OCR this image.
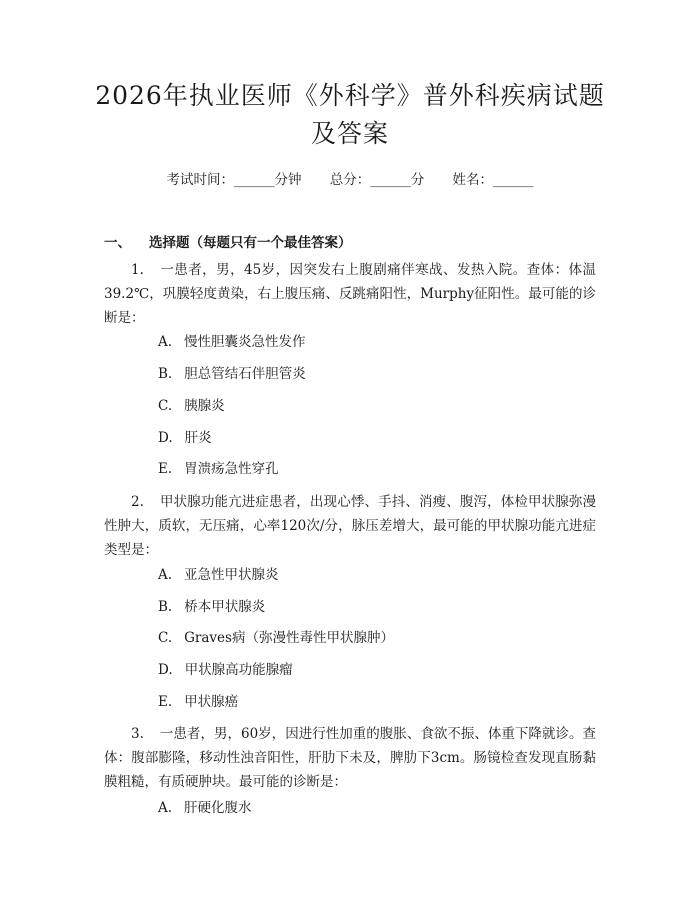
2026年执业医师《外科学》普外科疾病试题
及答案
考试时间：______分钟 总分：______分 姓名：______
一、 选择题（每题只有一个最佳答案）
1. 一患者，男，45岁，因突发右上腹剧痛伴寒战、发热入院。查体：体温39.2℃，巩膜轻度黄染，右上腹压痛、反跳痛阳性，Murphy征阳性。最可能的诊断是：
A. 慢性胆囊炎急性发作
B. 胆总管结石伴胆管炎
C. 胰腺炎
D. 肝炎
E. 胃溃疡急性穿孔
2. 甲状腺功能亢进症患者，出现心悸、手抖、消瘦、腹泻，体检甲状腺弥漫性肿大，质软，无压痛，心率120次/分，脉压差增大，最可能的甲状腺功能亢进症类型是：
A. 亚急性甲状腺炎
B. 桥本甲状腺炎
C. Graves病（弥漫性毒性甲状腺肿）
D. 甲状腺高功能腺瘤
E. 甲状腺癌
3. 一患者，男，60岁，因进行性加重的腹胀、食欲不振、体重下降就诊。查体：腹部膨隆，移动性浊音阳性，肝肋下未及，脾肋下3cm。肠镜检查发现直肠黏膜粗糙，有质硬肿块。最可能的诊断是：
A. 肝硬化腹水
